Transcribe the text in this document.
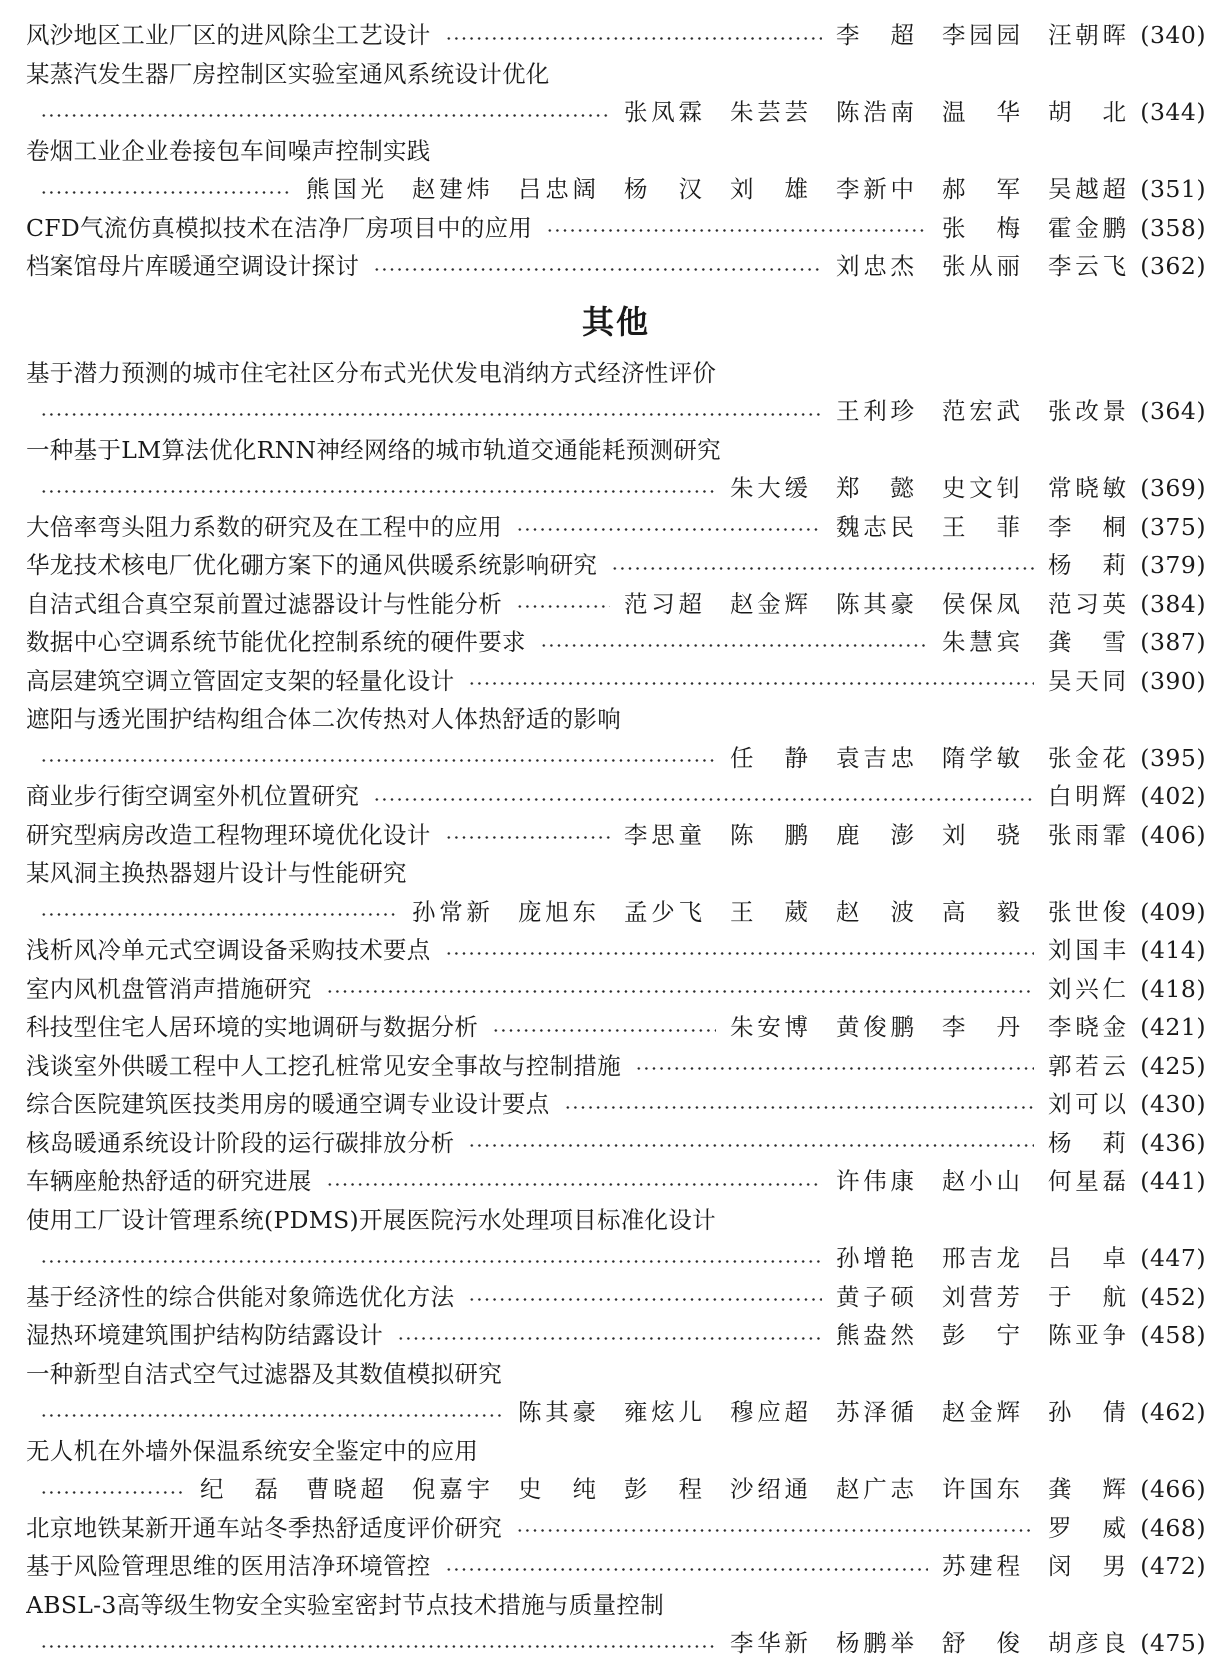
风沙地区工业厂区的进风除尘工艺设计	李　超 李园园 汪朝晖 (340)
某蒸汽发生器厂房控制区实验室通风系统设计优化
张凤霖 朱芸芸 陈浩南 温　华 胡　北 (344)
卷烟工业企业卷接包车间噪声控制实践
熊国光 赵建炜 吕忠阔 杨　汉 刘　雄 李新中 郝　军 吴越超 (351)
CFD气流仿真模拟技术在洁净厂房项目中的应用	张　梅 霍金鹏 (358)
档案馆母片库暖通空调设计探讨	刘忠杰 张从丽 李云飞 (362)
其他
基于潜力预测的城市住宅社区分布式光伏发电消纳方式经济性评价
王利珍 范宏武 张改景 (364)
一种基于LM算法优化RNN神经网络的城市轨道交通能耗预测研究
朱大缓 郑　懿 史文钊 常晓敏 (369)
大倍率弯头阻力系数的研究及在工程中的应用	魏志民 王　菲 李　桐 (375)
华龙技术核电厂优化硼方案下的通风供暖系统影响研究	杨　莉 (379)
自洁式组合真空泵前置过滤器设计与性能分析	范习超 赵金辉 陈其豪 侯保凤 范习英 (384)
数据中心空调系统节能优化控制系统的硬件要求	朱慧宾 龚　雪 (387)
高层建筑空调立管固定支架的轻量化设计	吴天同 (390)
遮阳与透光围护结构组合体二次传热对人体热舒适的影响
任　静 袁吉忠 隋学敏 张金花 (395)
商业步行街空调室外机位置研究	白明辉 (402)
研究型病房改造工程物理环境优化设计	李思童 陈　鹏 鹿　澎 刘　骁 张雨霏 (406)
某风洞主换热器翅片设计与性能研究
孙常新 庞旭东 孟少飞 王　葳 赵　波 高　毅 张世俊 (409)
浅析风冷单元式空调设备采购技术要点	刘国丰 (414)
室内风机盘管消声措施研究	刘兴仁 (418)
科技型住宅人居环境的实地调研与数据分析	朱安博 黄俊鹏 李　丹 李晓金 (421)
浅谈室外供暖工程中人工挖孔桩常见安全事故与控制措施	郭若云 (425)
综合医院建筑医技类用房的暖通空调专业设计要点	刘可以 (430)
核岛暖通系统设计阶段的运行碳排放分析	杨　莉 (436)
车辆座舱热舒适的研究进展	许伟康 赵小山 何星磊 (441)
使用工厂设计管理系统(PDMS)开展医院污水处理项目标准化设计
孙增艳 邢吉龙 吕　卓 (447)
基于经济性的综合供能对象筛选优化方法	黄子硕 刘营芳 于　航 (452)
湿热环境建筑围护结构防结露设计	熊盎然 彭　宁 陈亚争 (458)
一种新型自洁式空气过滤器及其数值模拟研究
陈其豪 雍炫儿 穆应超 苏泽循 赵金辉 孙　倩 (462)
无人机在外墙外保温系统安全鉴定中的应用
纪　磊 曹晓超 倪嘉宇 史　纯 彭　程 沙绍通 赵广志 许国东 龚　辉 (466)
北京地铁某新开通车站冬季热舒适度评价研究	罗　威 (468)
基于风险管理思维的医用洁净环境管控	苏建程 闵　男 (472)
ABSL-3高等级生物安全实验室密封节点技术措施与质量控制
李华新 杨鹏举 舒　俊 胡彦良 (475)
